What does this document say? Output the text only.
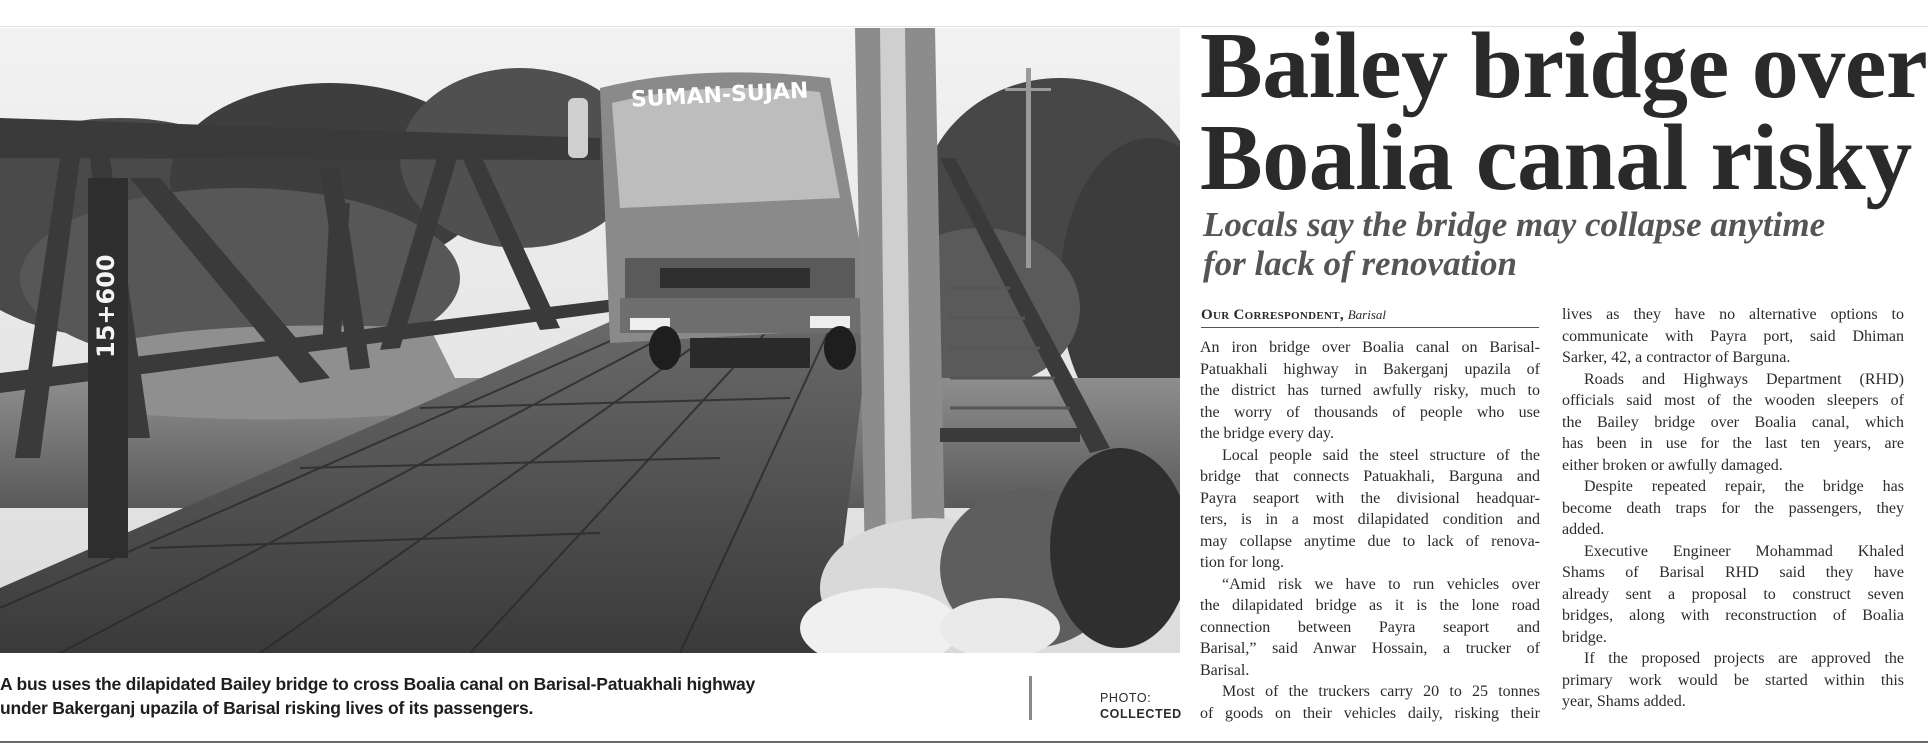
15+600
SUMAN-SUJAN
A bus uses the dilapidated Bailey bridge to cross Boalia canal on Barisal-Patuakhali highway
under Bakerganj upazila of Barisal risking lives of its passengers.	PHOTO:
COLLECTED
Bailey bridge over
Boalia canal risky
Locals say the bridge may collapse anytime
for lack of renovation
Our Correspondent, Barisal

An iron bridge over Boalia canal on Barisal-
Patuakhali highway in Bakerganj upazila of
the district has turned awfully risky, much to
the worry of thousands of people who use
the bridge every day.

Local people said the steel structure of the
bridge that connects Patuakhali, Barguna and
Payra seaport with the divisional headquar-
ters, is in a most dilapidated condition and
may collapse anytime due to lack of renova-
tion for long.

“Amid risk we have to run vehicles over
the dilapidated bridge as it is the lone road
connection between Payra seaport and
Barisal,” said Anwar Hossain, a trucker of
Barisal.

Most of the truckers carry 20 to 25 tonnes
of goods on their vehicles daily, risking their

lives as they have no alternative options to
communicate with Payra port, said Dhiman
Sarker, 42, a contractor of Barguna.

Roads and Highways Department (RHD)
officials said most of the wooden sleepers of
the Bailey bridge over Boalia canal, which
has been in use for the last ten years, are
either broken or awfully damaged.

Despite repeated repair, the bridge has
become death traps for the passengers, they
added.

Executive Engineer Mohammad Khaled
Shams of Barisal RHD said they have
already sent a proposal to construct seven
bridges, along with reconstruction of Boalia
bridge.

If the proposed projects are approved the
primary work would be started within this
year, Shams added.
